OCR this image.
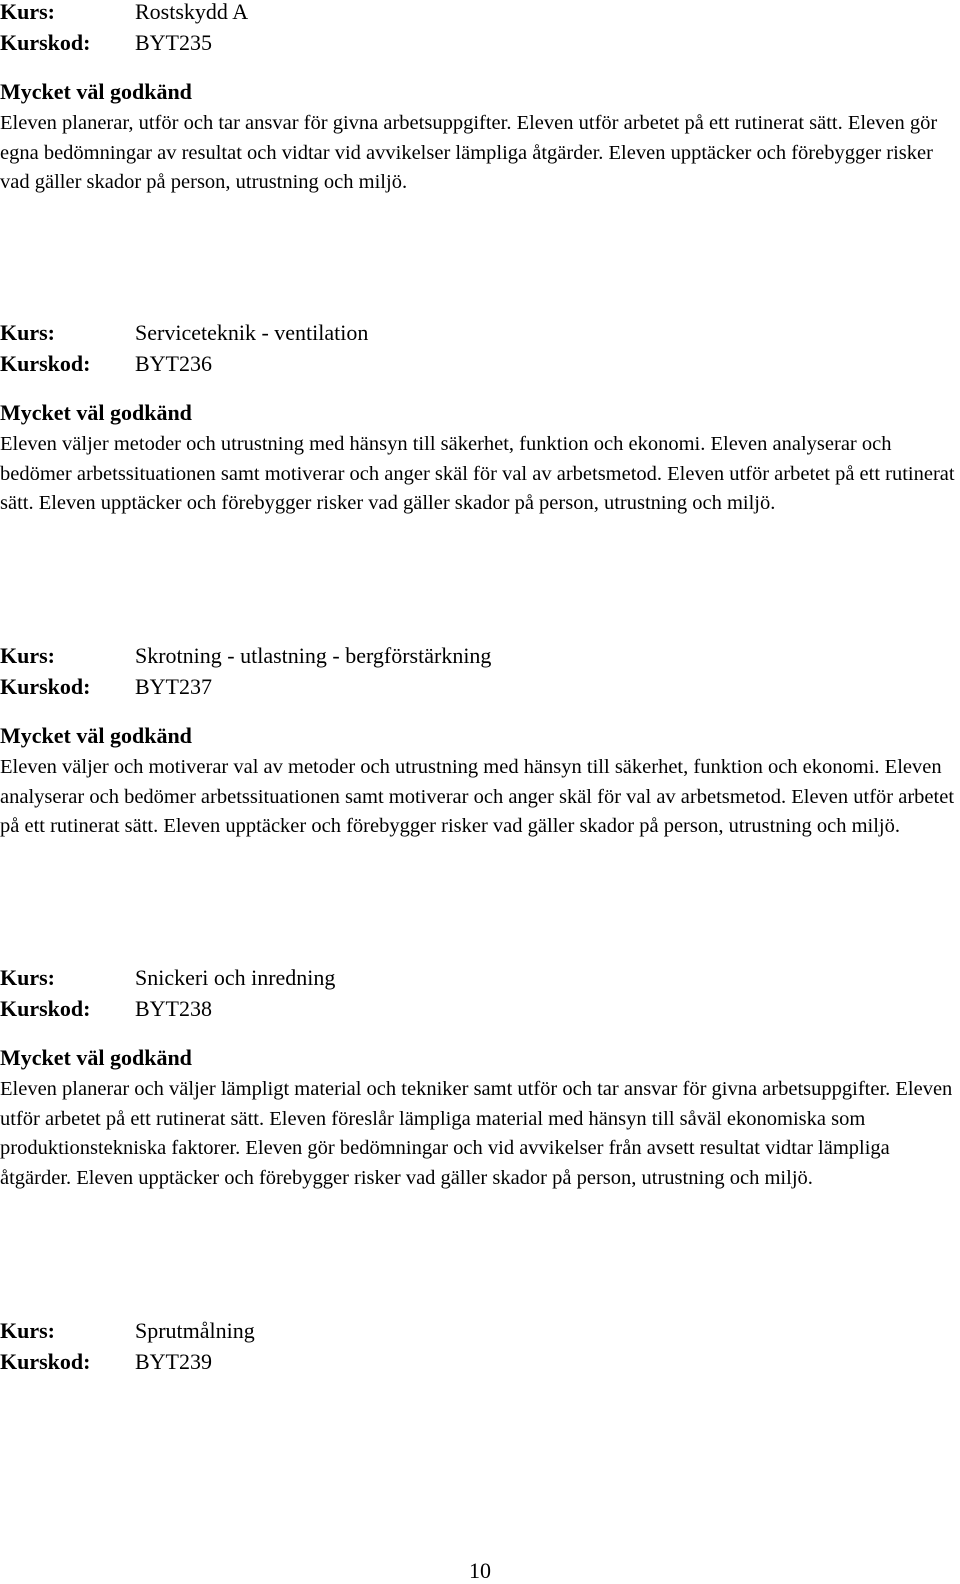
Kurs:	Rostskydd A
Kurskod: BYT235
Mycket väl godkänd

Eleven planerar, utför och tar ansvar för givna arbetsuppgifter. Eleven utför arbetet på ett rutinerat sätt. Eleven gör egna bedömningar av resultat och vidtar vid avvikelser lämpliga åtgärder. Eleven upptäcker och förebygger risker vad gäller skador på person, utrustning och miljö.

Kurs:	Serviceteknik - ventilation
Kurskod: BYT236
Mycket väl godkänd

Eleven väljer metoder och utrustning med hänsyn till säkerhet, funktion och ekonomi. Eleven analyserar och bedömer arbetssituationen samt motiverar och anger skäl för val av arbetsmetod. Eleven utför arbetet på ett rutinerat sätt. Eleven upptäcker och förebygger risker vad gäller skador på person, utrustning och miljö.

Kurs:	Skrotning - utlastning - bergförstärkning
Kurskod: BYT237
Mycket väl godkänd

Eleven väljer och motiverar val av metoder och utrustning med hänsyn till säkerhet, funktion och ekonomi. Eleven analyserar och bedömer arbetssituationen samt motiverar och anger skäl för val av arbetsmetod. Eleven utför arbetet på ett rutinerat sätt. Eleven upptäcker och förebygger risker vad gäller skador på person, utrustning och miljö.

Kurs:	Snickeri och inredning
Kurskod: BYT238
Mycket väl godkänd

Eleven planerar och väljer lämpligt material och tekniker samt utför och tar ansvar för givna arbetsuppgifter. Eleven utför arbetet på ett rutinerat sätt. Eleven föreslår lämpliga material med hänsyn till såväl ekonomiska som produktionstekniska faktorer. Eleven gör bedömningar och vid avvikelser från avsett resultat vidtar lämpliga åtgärder. Eleven upptäcker och förebygger risker vad gäller skador på person, utrustning och miljö.

Kurs:	Sprutmålning
Kurskod: BYT239
10
